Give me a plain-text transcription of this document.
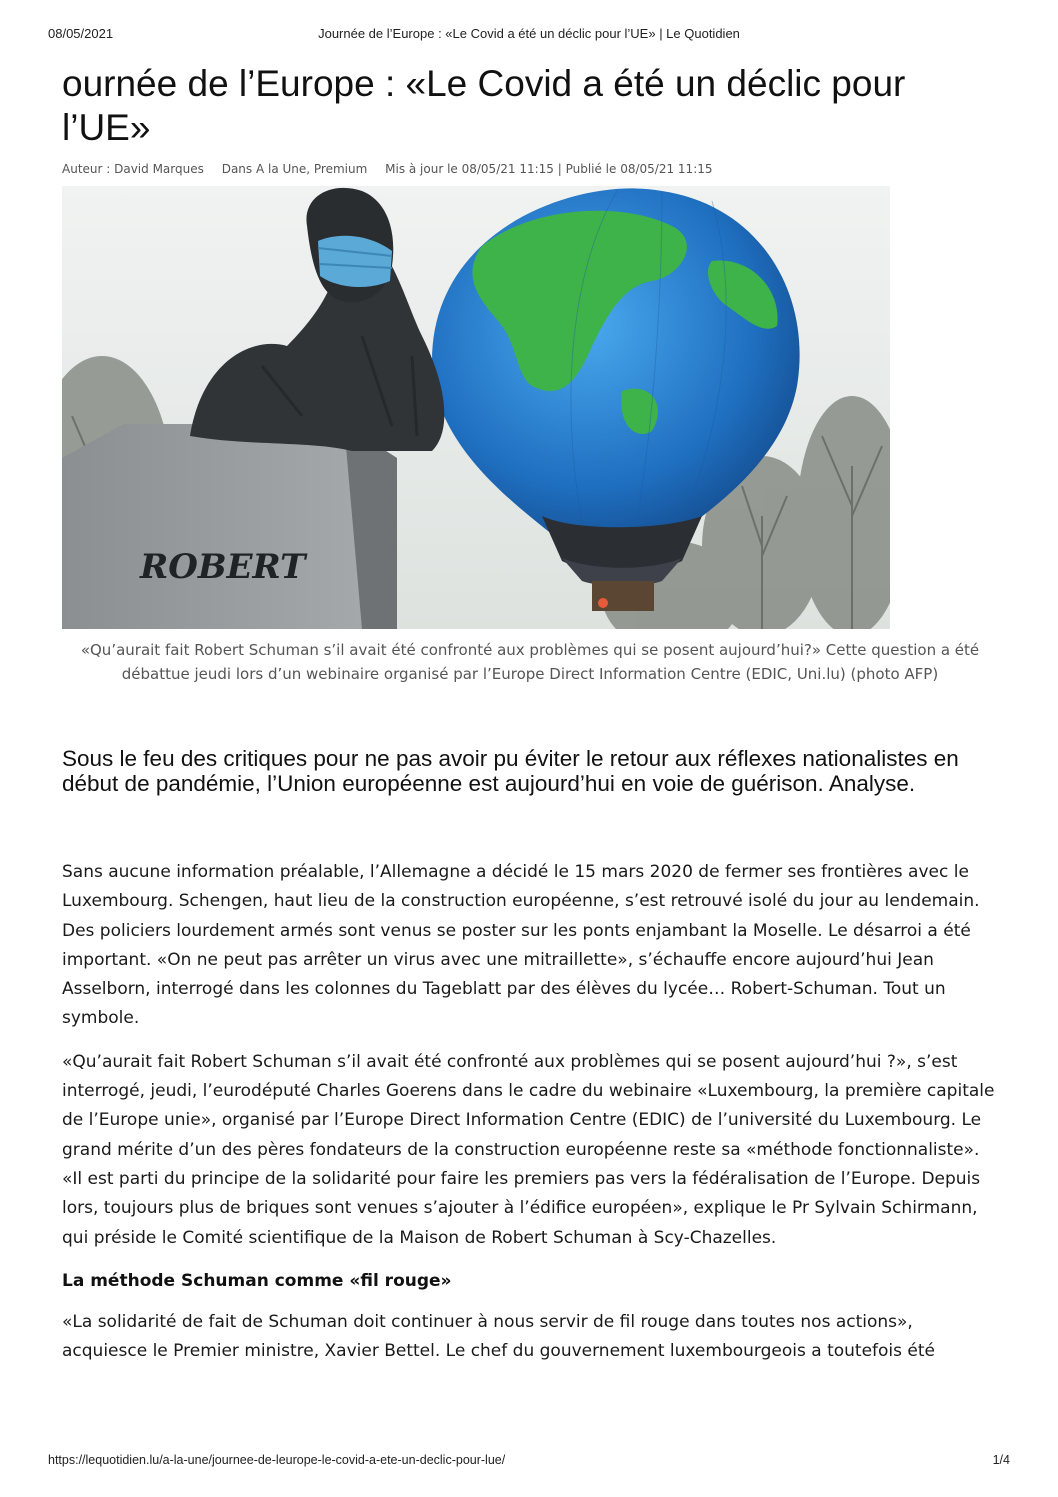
08/05/2021	Journée de l’Europe : «Le Covid a été un déclic pour l’UE» | Le Quotidien
ournée de l’Europe : «Le Covid a été un déclic pour l’UE»
Auteur : David Marques Dans A la Une, Premium Mis à jour le 08/05/21 11:15 | Publié le 08/05/21 11:15
ROBERT

«Qu’aurait fait Robert Schuman s’il avait été confronté aux problèmes qui se posent aujourd’hui?» Cette question a été débattue jeudi lors d’un webinaire organisé par l’Europe Direct Information Centre (EDIC, Uni.lu) (photo AFP)

Sous le feu des critiques pour ne pas avoir pu éviter le retour aux réflexes nationalistes en début de pandémie, l’Union européenne est aujourd’hui en voie de guérison. Analyse.

Sans aucune information préalable, l’Allemagne a décidé le 15 mars 2020 de fermer ses frontières avec le Luxembourg. Schengen, haut lieu de la construction européenne, s’est retrouvé isolé du jour au lendemain. Des policiers lourdement armés sont venus se poster sur les ponts enjambant la Moselle. Le désarroi a été important. «On ne peut pas arrêter un virus avec une mitraillette», s’échauffe encore aujourd’hui Jean Asselborn, interrogé dans les colonnes du Tageblatt par des élèves du lycée… Robert-Schuman. Tout un symbole.

«Qu’aurait fait Robert Schuman s’il avait été confronté aux problèmes qui se posent aujourd’hui ?», s’est interrogé, jeudi, l’eurodéputé Charles Goerens dans le cadre du webinaire «Luxembourg, la première capitale de l’Europe unie», organisé par l’Europe Direct Information Centre (EDIC) de l’université du Luxembourg. Le grand mérite d’un des pères fondateurs de la construction européenne reste sa «méthode fonctionnaliste». «Il est parti du principe de la solidarité pour faire les premiers pas vers la fédéralisation de l’Europe. Depuis lors, toujours plus de briques sont venues s’ajouter à l’édifice européen», explique le Pr Sylvain Schirmann, qui préside le Comité scientifique de la Maison de Robert Schuman à Scy-Chazelles.

La méthode Schuman comme «fil rouge»

«La solidarité de fait de Schuman doit continuer à nous servir de fil rouge dans toutes nos actions», acquiesce le Premier ministre, Xavier Bettel. Le chef du gouvernement luxembourgeois a toutefois été

https://lequotidien.lu/a-la-une/journee-de-leurope-le-covid-a-ete-un-declic-pour-lue/	1/4
